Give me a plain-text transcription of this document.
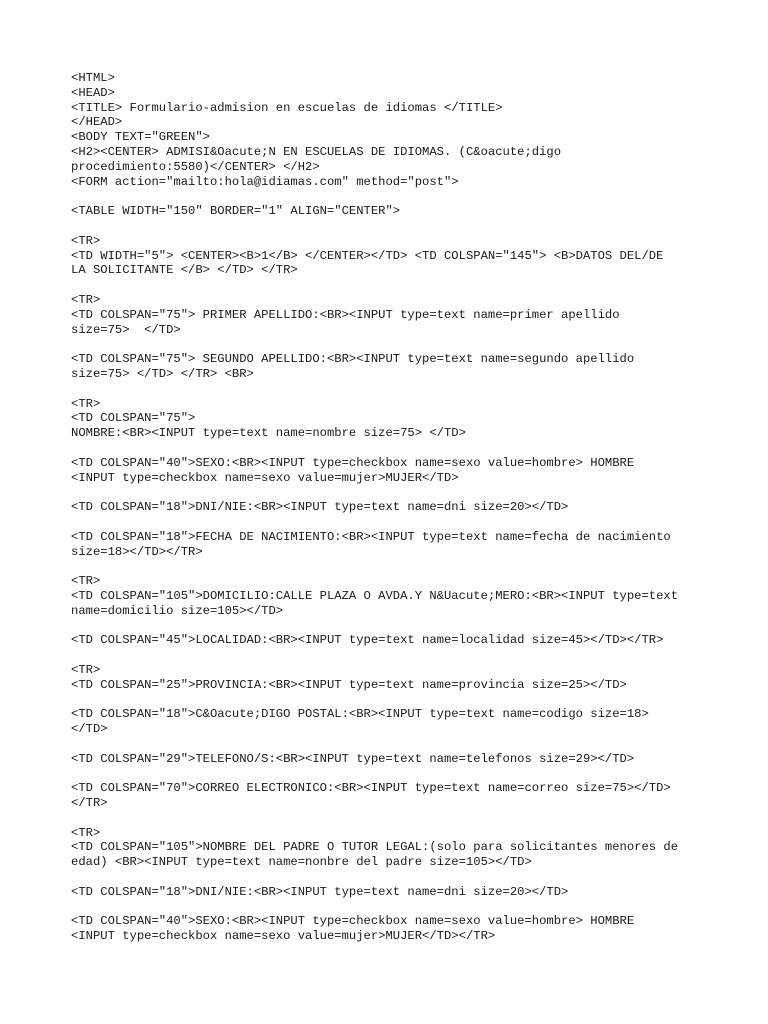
<HTML>
<HEAD>
<TITLE> Formulario-admision en escuelas de idiomas </TITLE>
</HEAD>
<BODY TEXT="GREEN">
<H2><CENTER> ADMISI&Oacute;N EN ESCUELAS DE IDIOMAS. (C&oacute;digo
procedimiento:5580)</CENTER> </H2>
<FORM action="mailto:hola@idiamas.com" method="post">
<TABLE WIDTH="150" BORDER="1" ALIGN="CENTER">
<TR>
<TD WIDTH="5"> <CENTER><B>1</B> </CENTER></TD> <TD COLSPAN="145"> <B>DATOS DEL/DE
LA SOLICITANTE </B> </TD> </TR>
<TR>
<TD COLSPAN="75"> PRIMER APELLIDO:<BR><INPUT type=text name=primer apellido
size=75>  </TD>
<TD COLSPAN="75"> SEGUNDO APELLIDO:<BR><INPUT type=text name=segundo apellido
size=75> </TD> </TR> <BR>
<TR>
<TD COLSPAN="75">
NOMBRE:<BR><INPUT type=text name=nombre size=75> </TD>
<TD COLSPAN="40">SEXO:<BR><INPUT type=checkbox name=sexo value=hombre> HOMBRE
<INPUT type=checkbox name=sexo value=mujer>MUJER</TD>
<TD COLSPAN="18">DNI/NIE:<BR><INPUT type=text name=dni size=20></TD>
<TD COLSPAN="18">FECHA DE NACIMIENTO:<BR><INPUT type=text name=fecha de nacimiento
size=18></TD></TR>
<TR>
<TD COLSPAN="105">DOMICILIO:CALLE PLAZA O AVDA.Y N&Uacute;MERO:<BR><INPUT type=text
name=domicilio size=105></TD>
<TD COLSPAN="45">LOCALIDAD:<BR><INPUT type=text name=localidad size=45></TD></TR>
<TR>
<TD COLSPAN="25">PROVINCIA:<BR><INPUT type=text name=provincia size=25></TD>
<TD COLSPAN="18">C&Oacute;DIGO POSTAL:<BR><INPUT type=text name=codigo size=18>
</TD>
<TD COLSPAN="29">TELEFONO/S:<BR><INPUT type=text name=telefonos size=29></TD>
<TD COLSPAN="70">CORREO ELECTRONICO:<BR><INPUT type=text name=correo size=75></TD>
</TR>
<TR>
<TD COLSPAN="105">NOMBRE DEL PADRE O TUTOR LEGAL:(solo para solicitantes menores de
edad) <BR><INPUT type=text name=nonbre del padre size=105></TD>
<TD COLSPAN="18">DNI/NIE:<BR><INPUT type=text name=dni size=20></TD>
<TD COLSPAN="40">SEXO:<BR><INPUT type=checkbox name=sexo value=hombre> HOMBRE
<INPUT type=checkbox name=sexo value=mujer>MUJER</TD></TR>
